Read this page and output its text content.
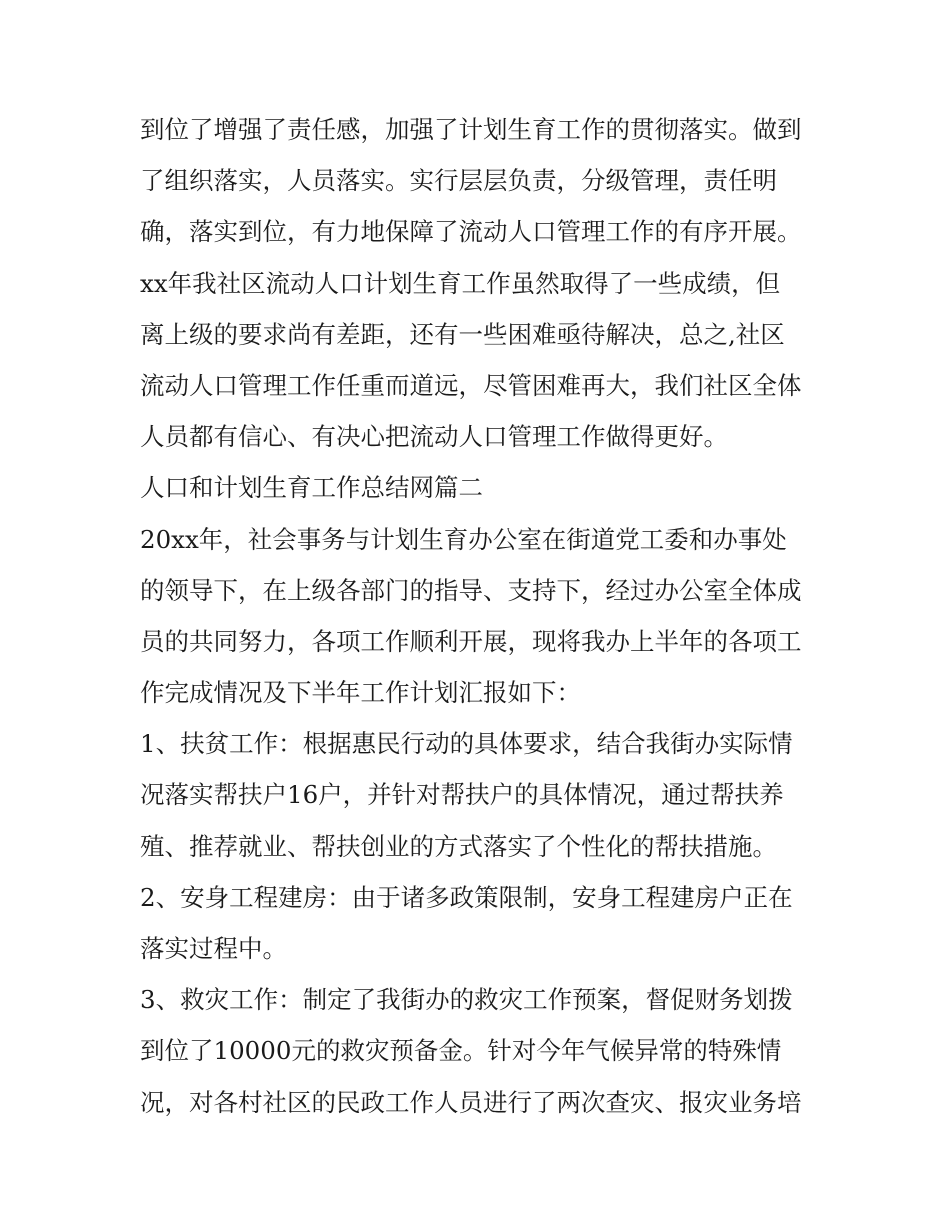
到位了增强了责任感，加强了计划生育工作的贯彻落实。做到
了组织落实，人员落实。实行层层负责，分级管理，责任明
确，落实到位，有力地保障了流动人口管理工作的有序开展。
xx年我社区流动人口计划生育工作虽然取得了一些成绩，但
离上级的要求尚有差距，还有一些困难亟待解决，总之,社区
流动人口管理工作任重而道远，尽管困难再大，我们社区全体
人员都有信心、有决心把流动人口管理工作做得更好。
人口和计划生育工作总结网篇二
20xx年，社会事务与计划生育办公室在街道党工委和办事处
的领导下，在上级各部门的指导、支持下，经过办公室全体成
员的共同努力，各项工作顺利开展，现将我办上半年的各项工
作完成情况及下半年工作计划汇报如下：
1、扶贫工作：根据惠民行动的具体要求，结合我街办实际情
况落实帮扶户16户，并针对帮扶户的具体情况，通过帮扶养
殖、推荐就业、帮扶创业的方式落实了个性化的帮扶措施。
2、安身工程建房：由于诸多政策限制，安身工程建房户正在
落实过程中。
3、救灾工作：制定了我街办的救灾工作预案，督促财务划拨
到位了10000元的救灾预备金。针对今年气候异常的特殊情
况，对各村社区的民政工作人员进行了两次查灾、报灾业务培
